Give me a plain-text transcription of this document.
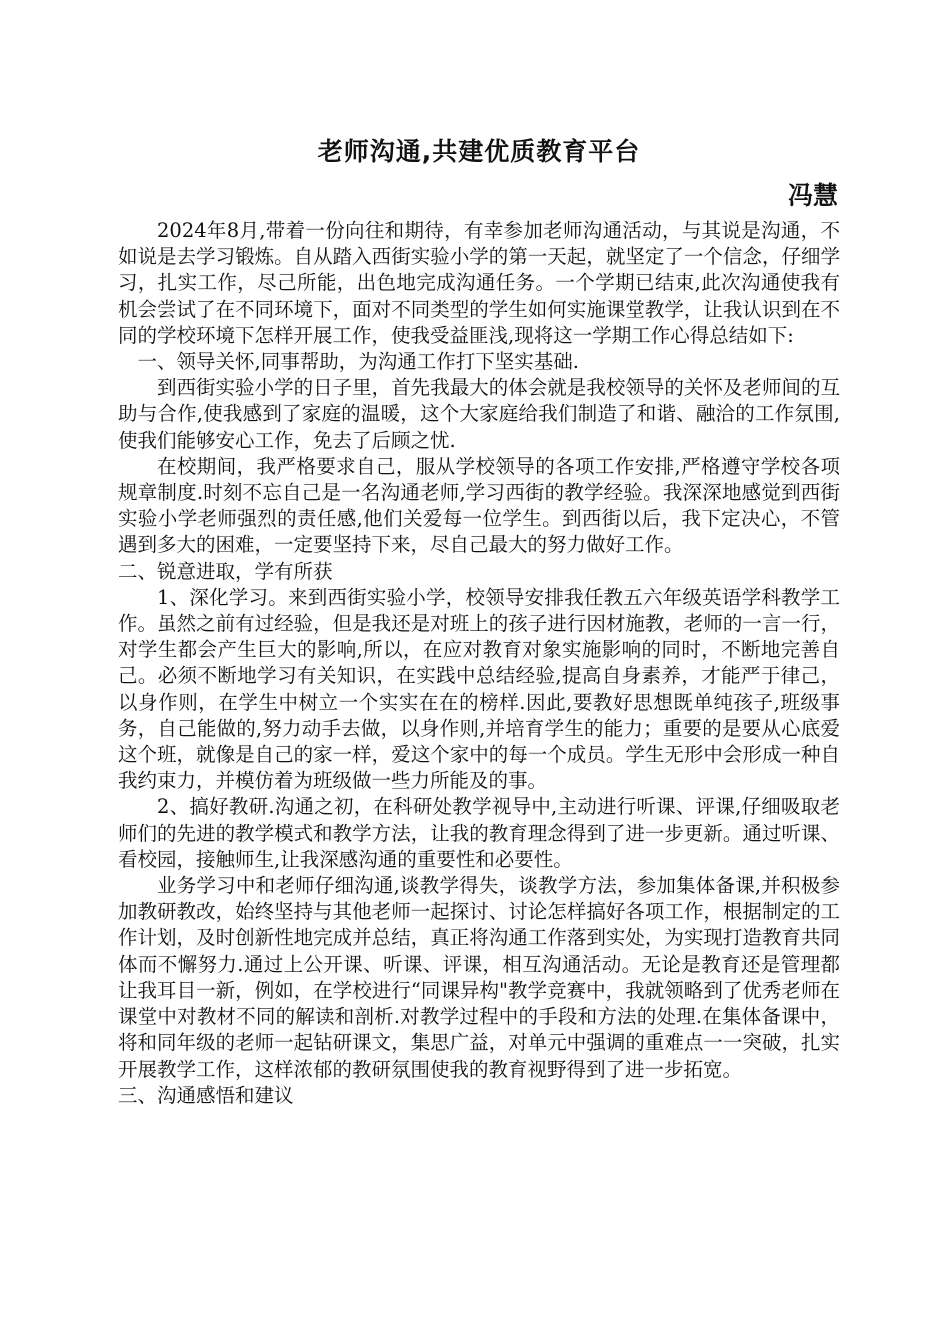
老师沟通,共建优质教育平台
冯慧

2024年8月,带着一份向往和期待，有幸参加老师沟通活动，与其说是沟通，不如说是去学习锻炼。自从踏入西街实验小学的第一天起，就坚定了一个信念，仔细学习，扎实工作，尽己所能，出色地完成沟通任务。一个学期已结束,此次沟通使我有机会尝试了在不同环境下，面对不同类型的学生如何实施课堂教学，让我认识到在不同的学校环境下怎样开展工作，使我受益匪浅,现将这一学期工作心得总结如下:

一、领导关怀,同事帮助，为沟通工作打下坚实基础.

到西街实验小学的日子里，首先我最大的体会就是我校领导的关怀及老师间的互助与合作,使我感到了家庭的温暖，这个大家庭给我们制造了和谐、融洽的工作氛围,使我们能够安心工作，免去了后顾之忧.

在校期间，我严格要求自己，服从学校领导的各项工作安排,严格遵守学校各项规章制度.时刻不忘自己是一名沟通老师,学习西街的教学经验。我深深地感觉到西街实验小学老师强烈的责任感,他们关爱每一位学生。到西街以后，我下定决心，不管遇到多大的困难，一定要坚持下来，尽自己最大的努力做好工作。

二、锐意进取，学有所获

1、深化学习。来到西街实验小学，校领导安排我任教五六年级英语学科教学工作。虽然之前有过经验，但是我还是对班上的孩子进行因材施教，老师的一言一行，对学生都会产生巨大的影响,所以，在应对教育对象实施影响的同时，不断地完善自己。必须不断地学习有关知识，在实践中总结经验,提高自身素养，才能严于律己，以身作则，在学生中树立一个实实在在的榜样.因此,要教好思想既单纯孩子,班级事务，自己能做的,努力动手去做，以身作则,并培育学生的能力；重要的是要从心底爱这个班，就像是自己的家一样，爱这个家中的每一个成员。学生无形中会形成一种自我约束力，并模仿着为班级做一些力所能及的事。

2、搞好教研.沟通之初，在科研处教学视导中,主动进行听课、评课,仔细吸取老师们的先进的教学模式和教学方法，让我的教育理念得到了进一步更新。通过听课、看校园，接触师生,让我深感沟通的重要性和必要性。

业务学习中和老师仔细沟通,谈教学得失，谈教学方法，参加集体备课,并积极参加教研教改，始终坚持与其他老师一起探讨、讨论怎样搞好各项工作，根据制定的工作计划，及时创新性地完成并总结，真正将沟通工作落到实处，为实现打造教育共同体而不懈努力.通过上公开课、听课、评课，相互沟通活动。无论是教育还是管理都让我耳目一新，例如，在学校进行“同课异构"教学竞赛中，我就领略到了优秀老师在课堂中对教材不同的解读和剖析.对教学过程中的手段和方法的处理.在集体备课中，将和同年级的老师一起钻研课文，集思广益，对单元中强调的重难点一一突破，扎实开展教学工作，这样浓郁的教研氛围使我的教育视野得到了进一步拓宽。

三、沟通感悟和建议
